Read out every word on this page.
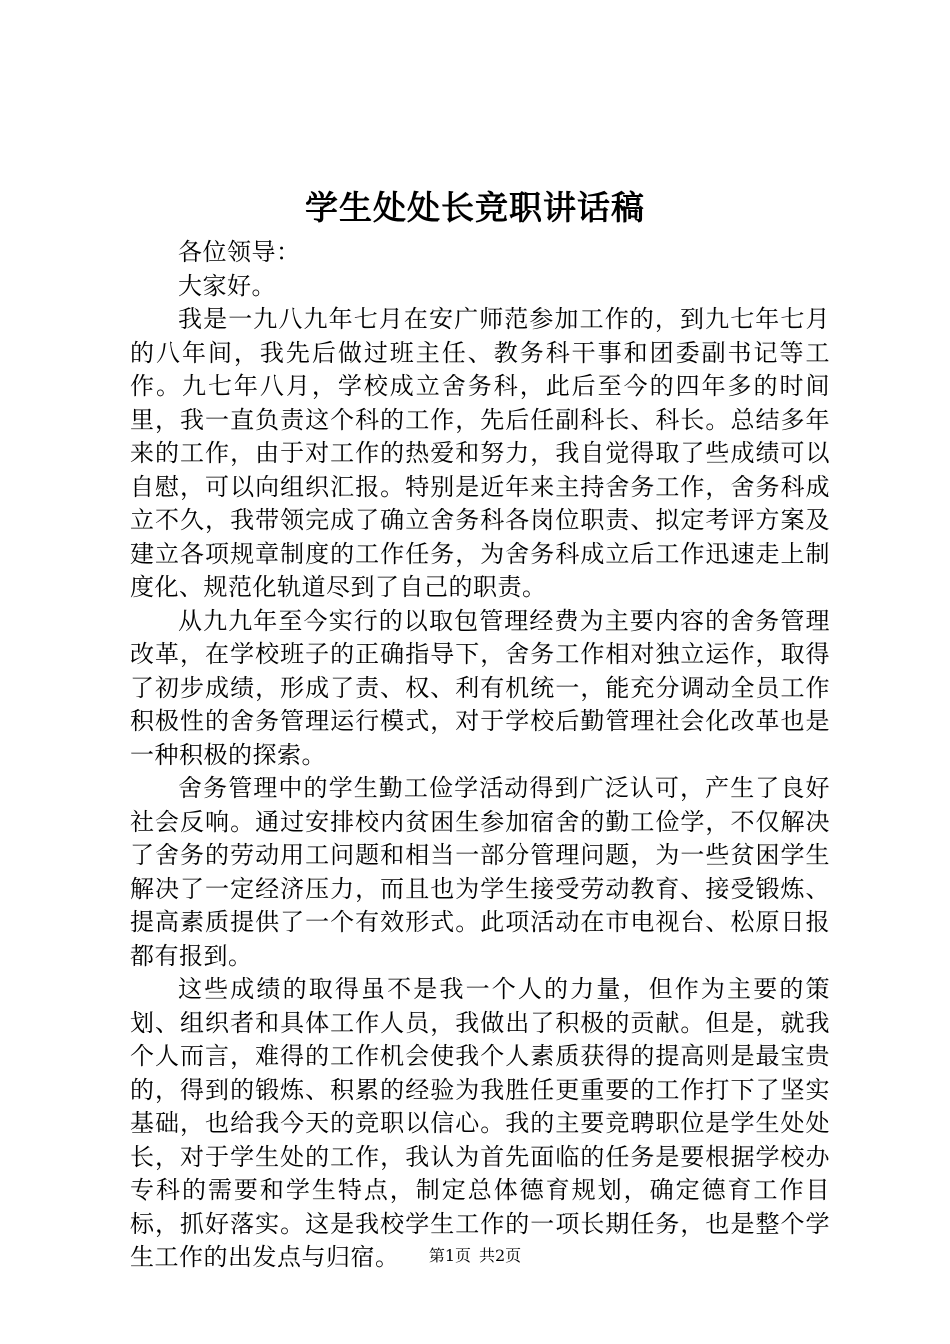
学生处处长竞职讲话稿

各位领导：

大家好。

我是一九八九年七月在安广师范参加工作的，到九七年七月的八年间，我先后做过班主任、教务科干事和团委副书记等工作。九七年八月，学校成立舍务科，此后至今的四年多的时间里，我一直负责这个科的工作，先后任副科长、科长。总结多年来的工作，由于对工作的热爱和努力，我自觉得取了些成绩可以自慰，可以向组织汇报。特别是近年来主持舍务工作，舍务科成立不久，我带领完成了确立舍务科各岗位职责、拟定考评方案及建立各项规章制度的工作任务，为舍务科成立后工作迅速走上制度化、规范化轨道尽到了自己的职责。

从九九年至今实行的以取包管理经费为主要内容的舍务管理改革，在学校班子的正确指导下，舍务工作相对独立运作，取得了初步成绩，形成了责、权、利有机统一，能充分调动全员工作积极性的舍务管理运行模式，对于学校后勤管理社会化改革也是一种积极的探索。

舍务管理中的学生勤工俭学活动得到广泛认可，产生了良好社会反响。通过安排校内贫困生参加宿舍的勤工俭学，不仅解决了舍务的劳动用工问题和相当一部分管理问题，为一些贫困学生解决了一定经济压力，而且也为学生接受劳动教育、接受锻炼、提高素质提供了一个有效形式。此项活动在市电视台、松原日报都有报到。

这些成绩的取得虽不是我一个人的力量，但作为主要的策划、组织者和具体工作人员，我做出了积极的贡献。但是，就我个人而言，难得的工作机会使我个人素质获得的提高则是最宝贵的，得到的锻炼、积累的经验为我胜任更重要的工作打下了坚实基础，也给我今天的竞职以信心。我的主要竞聘职位是学生处处长，对于学生处的工作，我认为首先面临的任务是要根据学校办专科的需要和学生特点，制定总体德育规划，确定德育工作目标，抓好落实。这是我校学生工作的一项长期任务，也是整个学生工作的出发点与归宿。	第1页 共2页
